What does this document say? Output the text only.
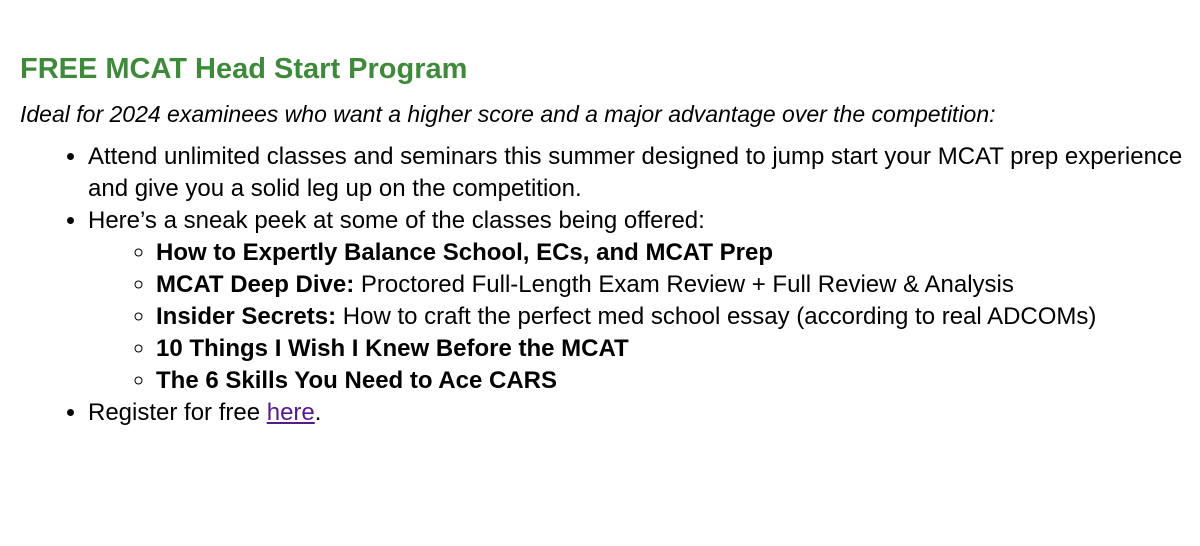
FREE MCAT Head Start Program

Ideal for 2024 examinees who want a higher score and a major advantage over the competition:

• Attend unlimited classes and seminars this summer designed to jump start your MCAT prep experience and give you a solid leg up on the competition.
• Here’s a sneak peek at some of the classes being offered:
◦ How to Expertly Balance School, ECs, and MCAT Prep
◦ MCAT Deep Dive: Proctored Full-Length Exam Review + Full Review & Analysis
◦ Insider Secrets: How to craft the perfect med school essay (according to real ADCOMs)
◦ 10 Things I Wish I Knew Before the MCAT
◦ The 6 Skills You Need to Ace CARS
• Register for free here.
